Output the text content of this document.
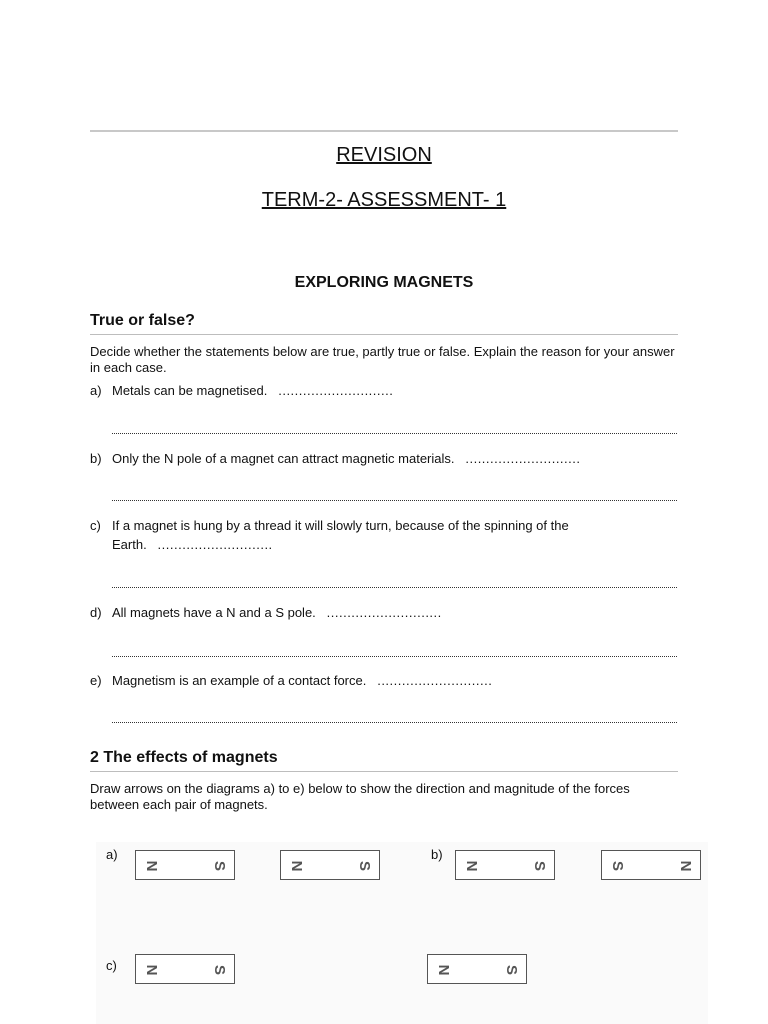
REVISION
TERM-2- ASSESSMENT- 1
EXPLORING MAGNETS
True or false?
Decide whether the statements below are true, partly true or false. Explain the reason for your answer in each case.
a) Metals can be magnetised. ............................
b) Only the N pole of a magnet can attract magnetic materials. ............................
c) If a magnet is hung by a thread it will slowly turn, because of the spinning of the
Earth. ............................
d) All magnets have a N and a S pole. ............................
e) Magnetism is an example of a contact force. ............................
2 The effects of magnets
Draw arrows on the diagrams a) to e) below to show the direction and magnitude of the forces between each pair of magnets.
a)
N	S	N	S
b)
N	S	S	N
c) N	S	N	S
